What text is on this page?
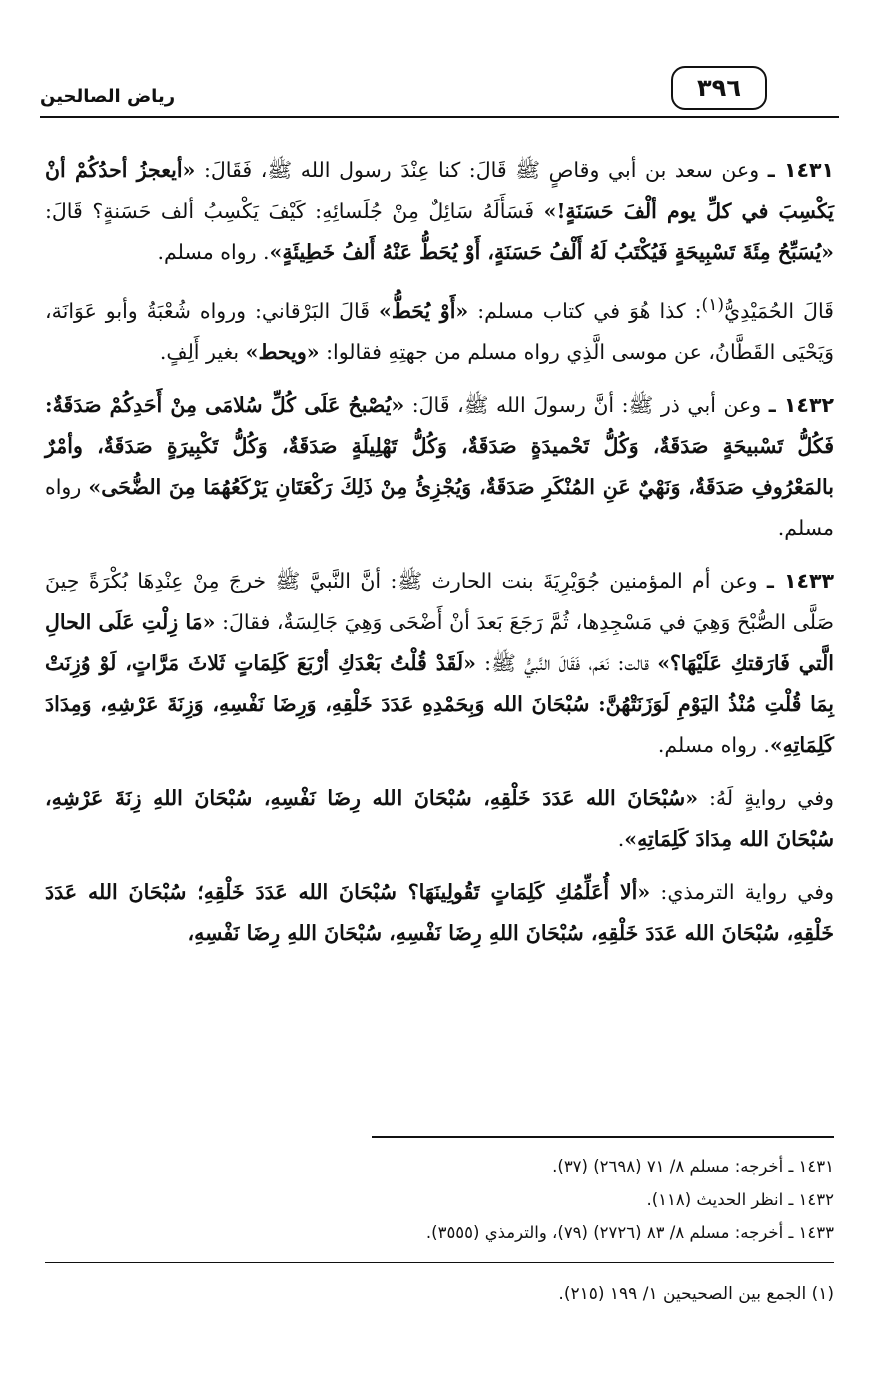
٣٩٦
رياض الصالحين

١٤٣١ ـ وعن سعد بن أبي وقاصٍ ﷺ قَالَ: كنا عِنْدَ رسول الله ﷺ، فَقَالَ: «أيعجزُ أحدُكُمْ أنْ يَكْسِبَ في كلِّ يوم ألْفَ حَسَنَةٍ!» فَسَأَلَهُ سَائِلٌ مِنْ جُلَسائِهِ: كَيْفَ يَكْسِبُ ألف حَسَنةٍ؟ قَالَ: «يُسَبِّحُ مِئَةَ تَسْبِيحَةٍ فَيُكْتَبُ لَهُ أَلْفُ حَسَنَةٍ، أَوْ يُحَطُّ عَنْهُ أَلفُ خَطِيئَةٍ». رواه مسلم.

قَالَ الحُمَيْدِيُّ$^{(١)}$: كذا هُوَ في كتاب مسلم: «أَوْ يُحَطُّ» قَالَ البَرْقاني: ورواه شُعْبَةُ وأبو عَوَانَة، وَيَحْيَى القَطَّانُ، عن موسى الَّذِي رواه مسلم من جهتِهِ فقالوا: «ويحط» بغير أَلِفٍ.

١٤٣٢ ـ وعن أبي ذر ﷺ: أنَّ رسولَ الله ﷺ، قَالَ: «يُصْبحُ عَلَى كُلِّ سُلامَى مِنْ أَحَدِكُمْ صَدَقَةٌ: فَكُلُّ تَسْبيحَةٍ صَدَقَةٌ، وَكُلُّ تَحْميدَةٍ صَدَقَةٌ، وَكُلُّ تَهْلِيلَةٍ صَدَقَةٌ، وَكُلُّ تَكْبِيرَةٍ صَدَقَةٌ، وأمْرٌ بالمَعْرُوفِ صَدَقَةٌ، وَنَهْيٌ عَنِ المُنْكَرِ صَدَقَةٌ، وَيُجْزِئُ مِنْ ذَلِكَ رَكْعَتَانِ يَرْكَعُهُمَا مِنَ الضُّحَى» رواه مسلم.

١٤٣٣ ـ وعن أم المؤمنين جُوَيْرِيَةَ بنت الحارث ﷺ: أنَّ النَّبيَّ ﷺ خرجَ مِنْ عِنْدِهَا بُكْرَةً حِينَ صَلَّى الصُّبْحَ وَهِيَ في مَسْجِدِها، ثُمَّ رَجَعَ بَعدَ أنْ أَضْحَى وَهِيَ جَالِسَةٌ، فقالَ: «مَا زِلْتِ عَلَى الحالِ الَّتي فَارَقتكِ عَلَيْهَا؟» قالت: نَعَم، فَقَالَ النَّبيُّ ﷺ: «لَقَدْ قُلْتُ بَعْدَكِ أرْبَعَ كَلِمَاتٍ ثَلاثَ مَرَّاتٍ، لَوْ وُزِنَتْ بِمَا قُلْتِ مُنْذُ اليَوْمِ لَوَزَنَتْهُنَّ: سُبْحَانَ الله وَبِحَمْدِهِ عَدَدَ خَلْقِهِ، وَرِضَا نَفْسِهِ، وَزِنَةَ عَرْشِهِ، وَمِدَادَ كَلِمَاتِهِ». رواه مسلم.

وفي روايةٍ لَهُ: «سُبْحَانَ الله عَدَدَ خَلْقِهِ، سُبْحَانَ الله رِضَا نَفْسِهِ، سُبْحَانَ اللهِ زِنَةَ عَرْشِهِ، سُبْحَانَ الله مِدَادَ كَلِمَاتِهِ».

وفي رواية الترمذي: «ألا أُعَلِّمُكِ كَلِمَاتٍ تَقُولِينَهَا؟ سُبْحَانَ الله عَدَدَ خَلْقِهِ؛ سُبْحَانَ الله عَدَدَ خَلْقِهِ، سُبْحَانَ الله عَدَدَ خَلْقِهِ، سُبْحَانَ اللهِ رِضَا نَفْسِهِ، سُبْحَانَ اللهِ رِضَا نَفْسِهِ،

١٤٣١ ـ أخرجه: مسلم ٨/ ٧١ (٢٦٩٨) (٣٧).
١٤٣٢ ـ انظر الحديث (١١٨).
١٤٣٣ ـ أخرجه: مسلم ٨/ ٨٣ (٢٧٢٦) (٧٩)، والترمذي (٣٥٥٥).
(١) الجمع بين الصحيحين ١/ ١٩٩ (٢١٥).
